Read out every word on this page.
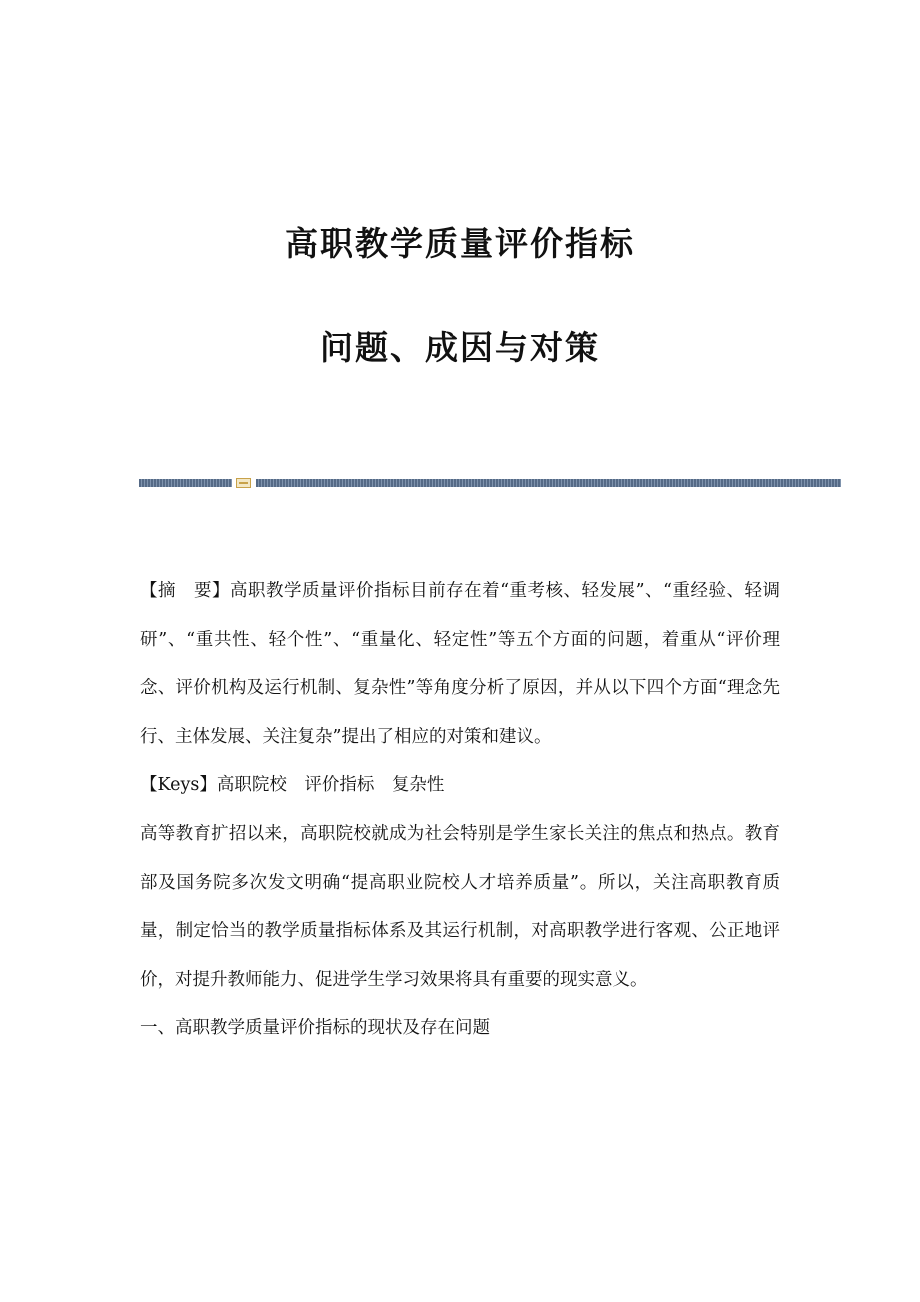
高职教学质量评价指标
问题、成因与对策

【摘　要】高职教学质量评价指标目前存在着“重考核、轻发展”、“重经验、轻调研”、“重共性、轻个性”、“重量化、轻定性”等五个方面的问题，着重从“评价理念、评价机构及运行机制、复杂性”等角度分析了原因，并从以下四个方面“理念先行、主体发展、关注复杂”提出了相应的对策和建议。

【Keys】高职院校　评价指标　复杂性

高等教育扩招以来，高职院校就成为社会特别是学生家长关注的焦点和热点。教育部及国务院多次发文明确“提高职业院校人才培养质量”。所以，关注高职教育质量，制定恰当的教学质量指标体系及其运行机制，对高职教学进行客观、公正地评价，对提升教师能力、促进学生学习效果将具有重要的现实意义。

一、高职教学质量评价指标的现状及存在问题
